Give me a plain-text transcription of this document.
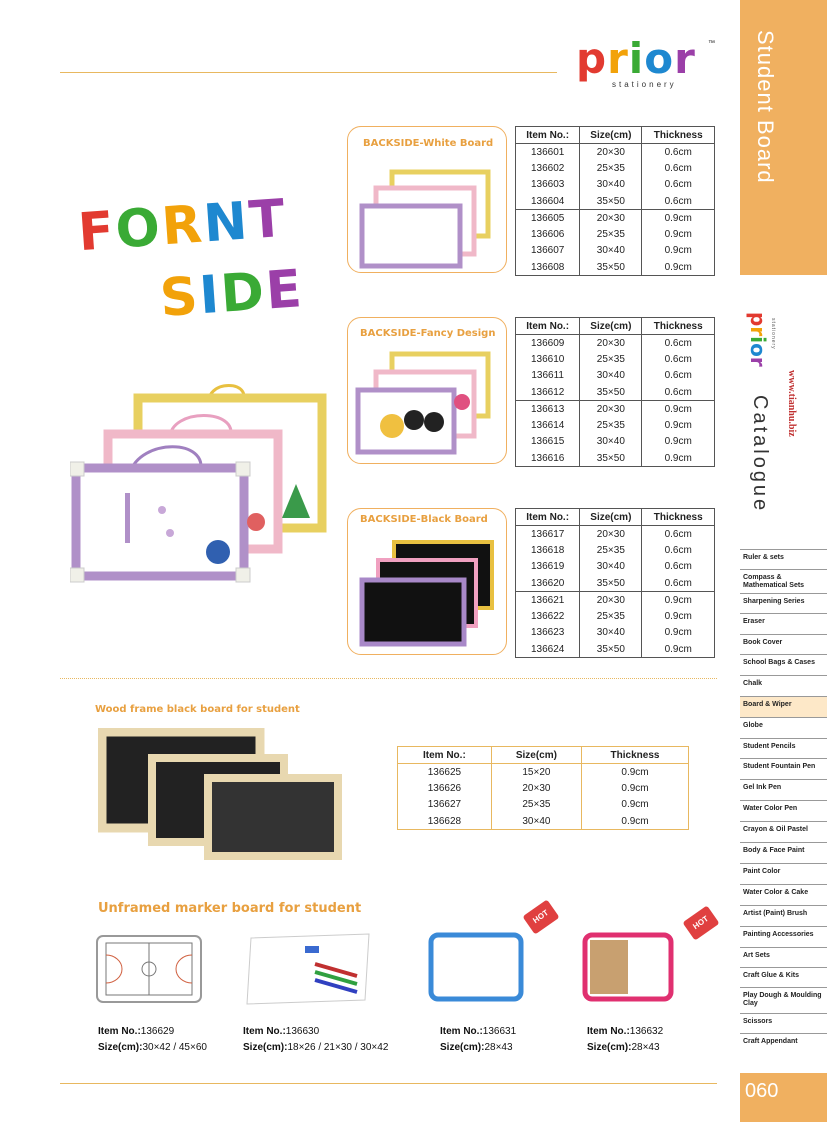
prior ™
stationery	Student Board
prior
stationery
www.tianhu.biz
Catalogue
Ruler & sets
Compass & Mathematical Sets
Sharpening Series
Eraser
Book Cover
School Bags & Cases
Chalk
Board & Wiper
Globe
Student Pencils
Student Fountain Pen
Gel Ink Pen
Water Color Pen
Crayon & Oil Pastel
Body & Face Paint
Paint Color
Water Color & Cake
Artist (Paint) Brush
Painting Accessories
Art Sets
Craft Glue & Kits
Play Dough & Moulding Clay
Scissors
Craft Appendant
060
FORNT
SIDE
BACKSIDE-White Board
Item No.:	Size(cm)	Thickness
136601	20×30	0.6cm
136602	25×35	0.6cm
136603	30×40	0.6cm
136604	35×50	0.6cm
136605	20×30	0.9cm
136606	25×35	0.9cm
136607	30×40	0.9cm
136608	35×50	0.9cm
BACKSIDE-Fancy Design
Item No.:	Size(cm)	Thickness
136609	20×30	0.6cm
136610	25×35	0.6cm
136611	30×40	0.6cm
136612	35×50	0.6cm
136613	20×30	0.9cm
136614	25×35	0.9cm
136615	30×40	0.9cm
136616	35×50	0.9cm
BACKSIDE-Black Board	Item No.:	Size(cm)	Thickness
136617	20×30	0.6cm
136618	25×35	0.6cm
136619	30×40	0.6cm
136620	35×50	0.6cm
136621	20×30	0.9cm
136622	25×35	0.9cm
136623	30×40	0.9cm
136624	35×50	0.9cm
Wood frame black board for student
Item No.:	Size(cm)	Thickness
136625	15×20	0.9cm
136626	20×30	0.9cm
136627	25×35	0.9cm
136628	30×40	0.9cm
Unframed marker board for student	HOT	HOT
Item No.:136629
Size(cm):30×42 / 45×60
Item No.:136630
Size(cm):18×26 / 21×30 / 30×42
Item No.:136631
Size(cm):28×43
Item No.:136632
Size(cm):28×43
